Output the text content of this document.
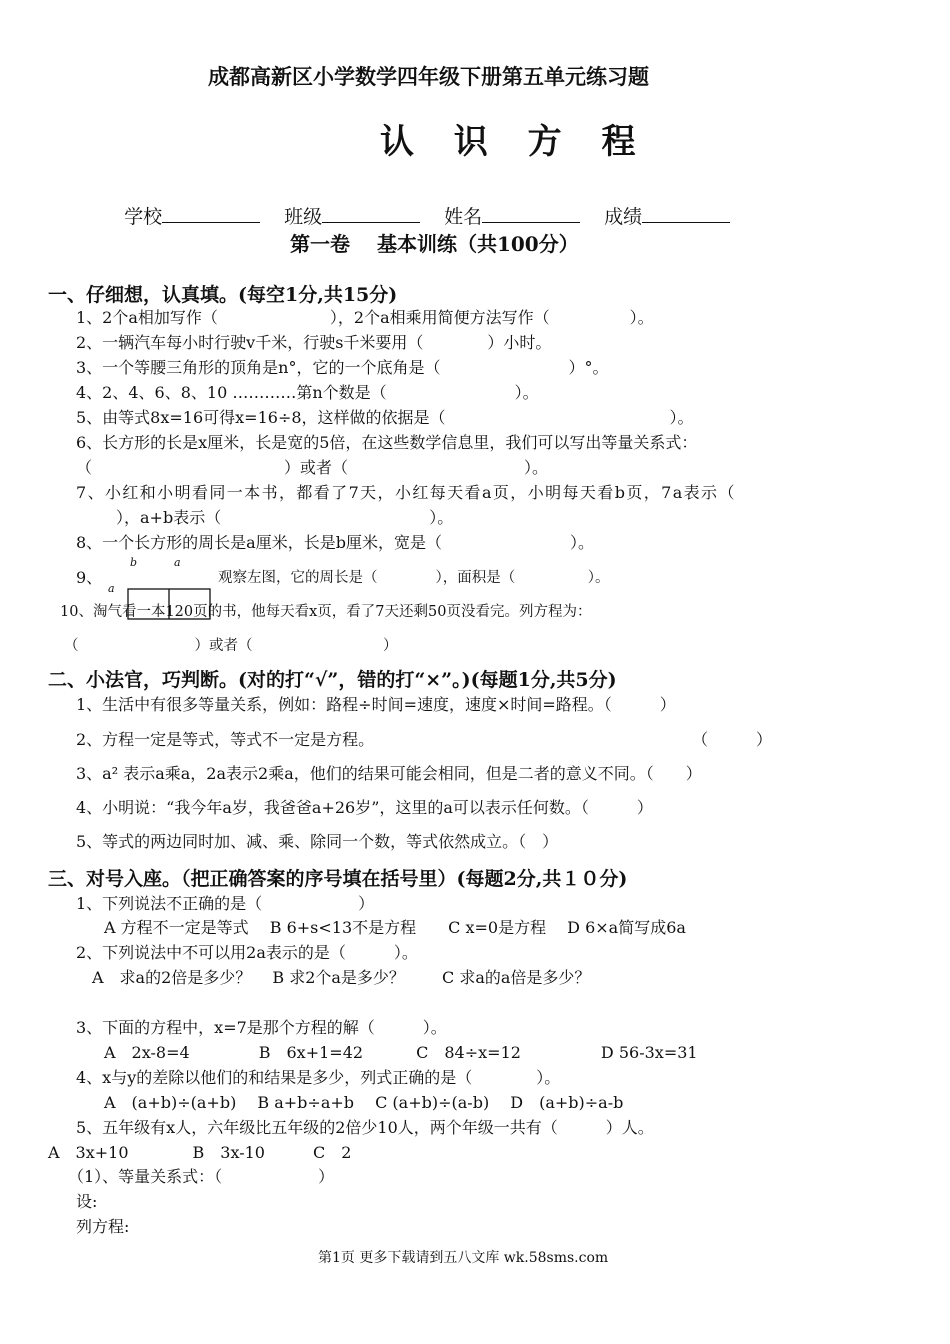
成都高新区小学数学四年级下册第五单元练习题
认 识 方 程

学校	班级	姓名	成绩

第一卷　 基本训练（共100分）
一、仔细想，认真填。(每空1分,共15分)
1、2个a相加写作（　　　　　　　），2个a相乘用简便方法写作（　　　　　）。
2、一辆汽车每小时行驶v千米，行驶s千米要用（　　　　）小时。
3、一个等腰三角形的顶角是n°，它的一个底角是（　　　　　　　　）°。
4、2、4、6、8、10 …………第n个数是（　　　　　　　　）。
5、由等式8x=16可得x=16÷8，这样做的依据是（　　　　　　　　　　　　　　）。
6、长方形的长是x厘米，长是宽的5倍，在这些数学信息里，我们可以写出等量关系式：
（　　　　　　　　　　　　）或者（　　　　　　　　　　　）。
7、小红和小明看同一本书，都看了7天，小红每天看a页，小明每天看b页，7a表示（
），a+b表示（　　　　　　　　　　　　　）。
8、一个长方形的周长是a厘米，长是b厘米，宽是（　　　　　　　　）。
9、

b

	a

a

观察左图，它的周长是（　　　　），面积是（　　　　　）。
10、淘气看一本120页的书，他每天看x页，看了7天还剩50页没看完。列方程为：
（　　　　　　　　）或者（　　　　　　　　　）
二、小法官，巧判断。(对的打“√”，错的打“×”。)(每题1分,共5分)
1、生活中有很多等量关系，例如：路程÷时间=速度，速度×时间=路程。（　　　）
2、方程一定是等式，等式不一定是方程。	（　　　）
3、a² 表示a乘a，2a表示2乘a，他们的结果可能会相同，但是二者的意义不同。（　　）
4、小明说：“我今年a岁，我爸爸a+26岁”，这里的a可以表示任何数。（　　　）
5、等式的两边同时加、减、乘、除同一个数，等式依然成立。（　）
三、对号入座。（把正确答案的序号填在括号里）(每题2分,共１０分)
1、下列说法不正确的是（　　　　　　）
A 方程不一定是等式　 B 6+s<13不是方程　　C x=0是方程　 D 6×a简写成6a
2、下列说法中不可以用2a表示的是（　　　）。
A　求a的2倍是多少？　 B 求2个a是多少？　　 C 求a的a倍是多少？
3、下面的方程中，x=7是那个方程的解（　　　）。
A　2x-8=4　　　　 B　6x+1=42　　　 C　84÷x=12　　　　　D 56-3x=31
4、x与y的差除以他们的和结果是多少，列式正确的是（　　　　）。
A　(a+b)÷(a+b)　 B a+b÷a+b　 C (a+b)÷(a-b)　 D　(a+b)÷a-b
5、五年级有x人，六年级比五年级的2倍少10人，两个年级一共有（　　　）人。
A　3x+10　　　　B　3x-10　　　C　2
（1）、等量关系式：（　　　　　　）
设:
列方程:
第1页 更多下载请到五八文库 wk.58sms.com
